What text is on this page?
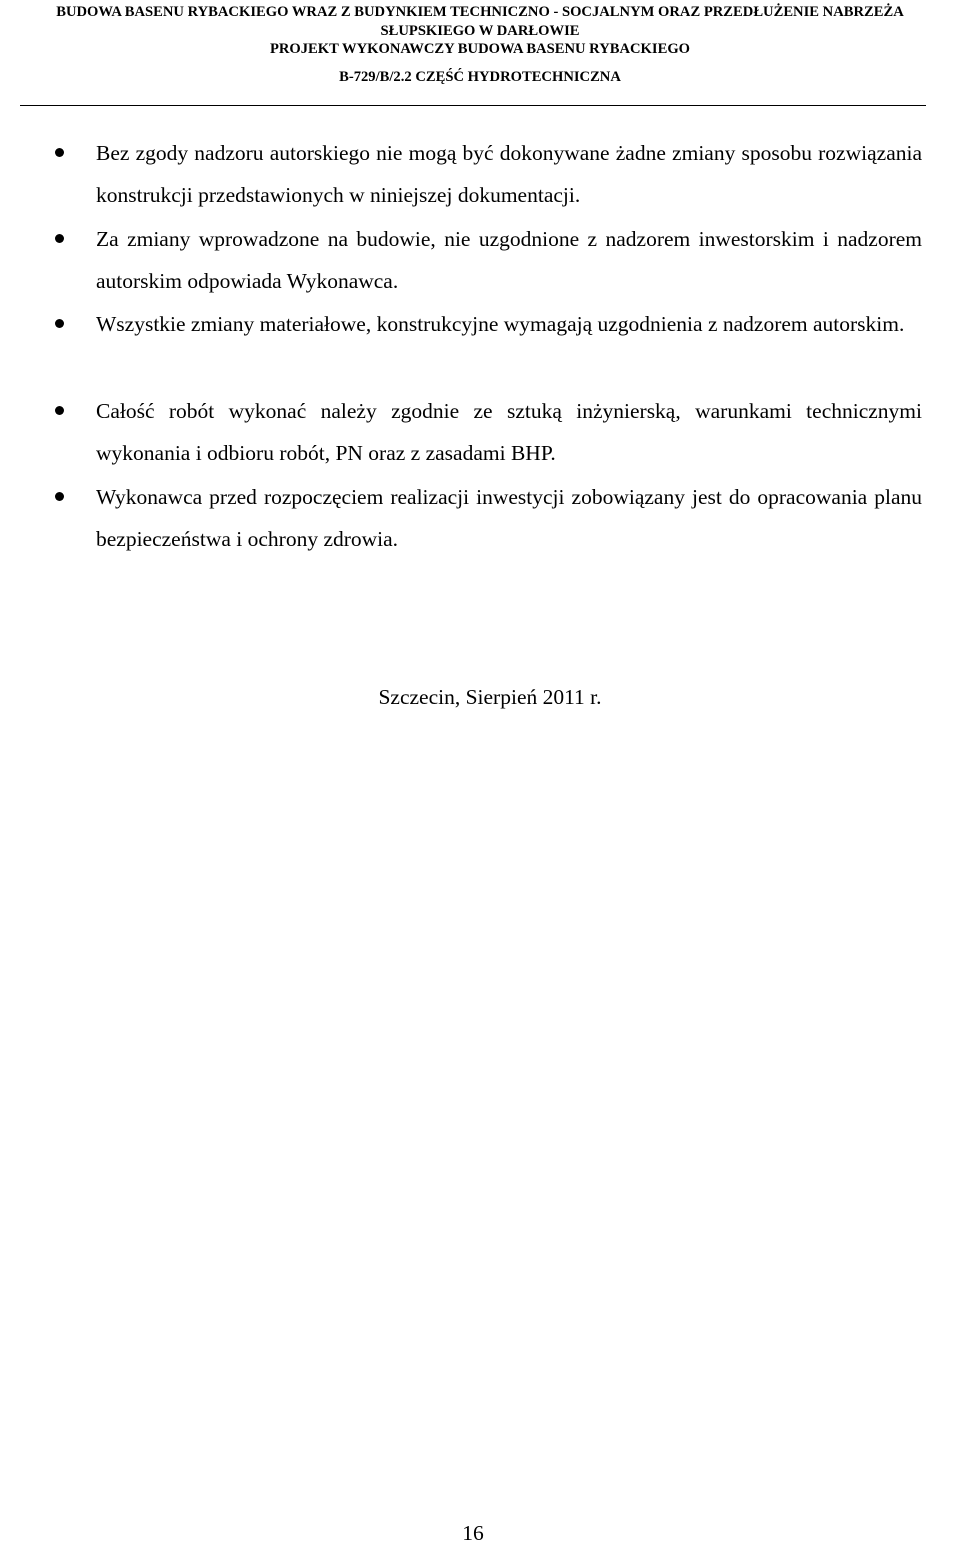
BUDOWA BASENU RYBACKIEGO WRAZ Z BUDYNKIEM TECHNICZNO - SOCJALNYM ORAZ PRZEDŁUŻENIE NABRZEŻA
SŁUPSKIEGO W DARŁOWIE
PROJEKT WYKONAWCZY BUDOWA BASENU RYBACKIEGO
B-729/B/2.2 CZĘŚĆ HYDROTECHNICZNA
Bez zgody nadzoru autorskiego nie mogą być dokonywane żadne zmiany sposobu rozwiązania konstrukcji przedstawionych w niniejszej dokumentacji.
Za zmiany wprowadzone na budowie, nie uzgodnione z nadzorem inwestorskim i nadzorem autorskim odpowiada Wykonawca.
Wszystkie zmiany materiałowe, konstrukcyjne wymagają uzgodnienia z nadzorem autorskim.
Całość robót wykonać należy zgodnie ze sztuką inżynierską, warunkami technicznymi wykonania i odbioru robót, PN oraz z zasadami BHP.
Wykonawca przed rozpoczęciem realizacji inwestycji zobowiązany jest do opracowania planu bezpieczeństwa i ochrony zdrowia.
Szczecin, Sierpień 2011 r.
16
